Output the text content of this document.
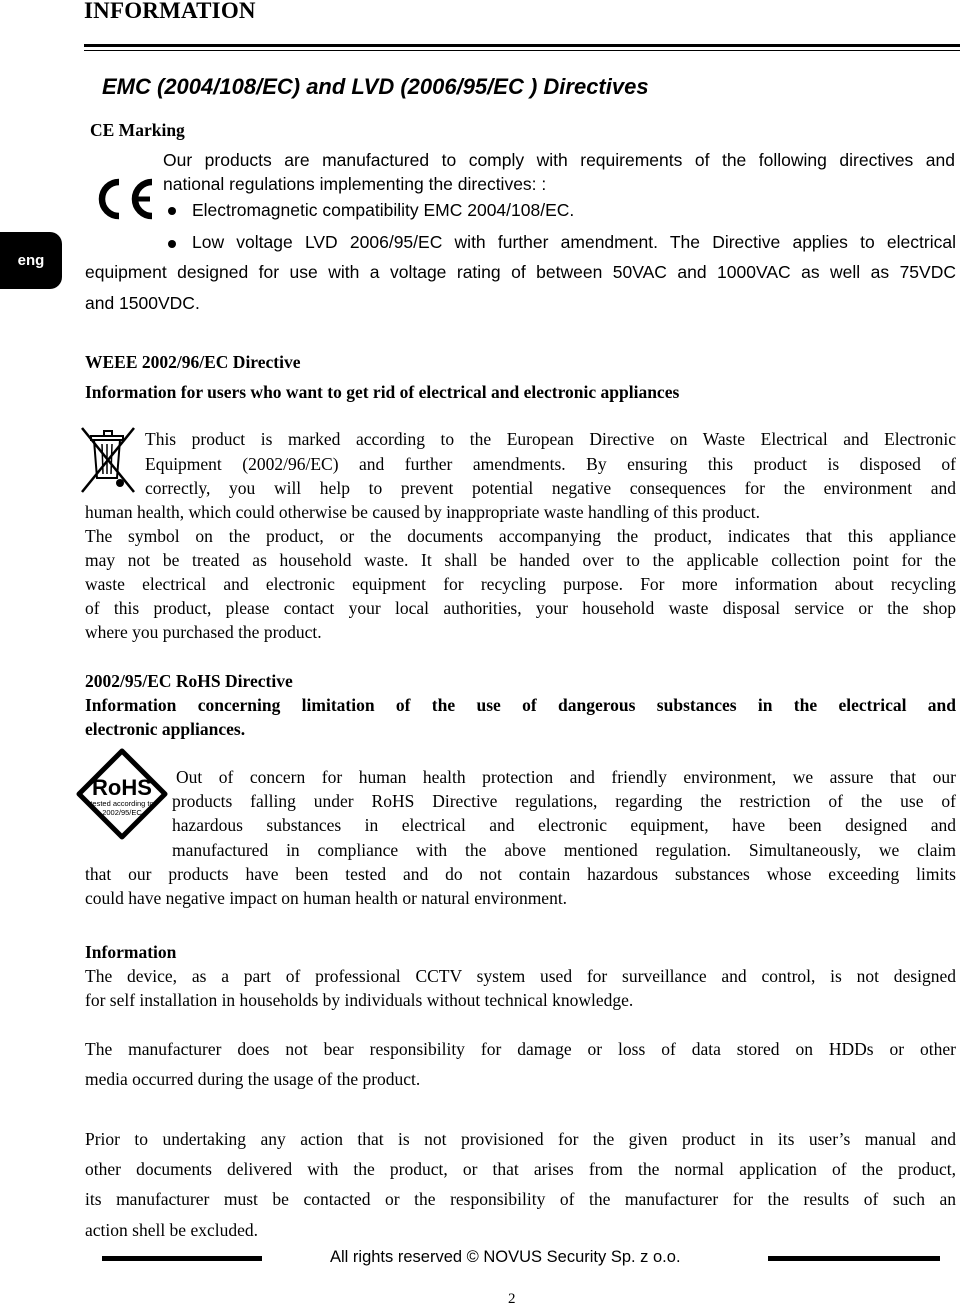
INFORMATION
eng
EMC (2004/108/EC) and LVD (2006/95/EC ) Directives
CE Marking
Our products are manufactured to comply with requirements of the following directives and
national regulations implementing the directives: :
Electromagnetic compatibility EMC 2004/108/EC.
Low voltage LVD 2006/95/EC with further amendment. The Directive applies to electrical
equipment designed for use with a voltage rating of between 50VAC and 1000VAC as well as 75VDC
and 1500VDC.
WEEE 2002/96/EC Directive
Information for users who want to get rid of electrical and electronic appliances
This product is marked according to the European Directive on Waste Electrical and Electronic
Equipment (2002/96/EC) and further amendments. By ensuring this product is disposed of
correctly, you will help to prevent potential negative consequences for the environment and
human health, which could otherwise be caused by inappropriate waste handling of this product.
The symbol on the product, or the documents accompanying the product, indicates that this appliance
may not be treated as household waste. It shall be handed over to the applicable collection point for the
waste electrical and electronic equipment for recycling purpose. For more information about recycling
of this product, please contact your local authorities, your household waste disposal service or the shop
where you purchased the product.
2002/95/EC RoHS Directive
Information concerning limitation of the use of dangerous substances in the electrical and
electronic appliances.
RoHS
tested according to
2002/95/EC
Out of concern for human health protection and friendly environment, we assure that our
products falling under RoHS Directive regulations, regarding the restriction of the use of
hazardous substances in electrical and electronic equipment, have been designed and
manufactured in compliance with the above mentioned regulation. Simultaneously, we claim
that our products have been tested and do not contain hazardous substances whose exceeding limits
could have negative impact on human health or natural environment.
Information
The device, as a part of professional CCTV system used for surveillance and control, is not designed
for self installation in households by individuals without technical knowledge.
The manufacturer does not bear responsibility for damage or loss of data stored on HDDs or other
media occurred during the usage of the product.
Prior to undertaking any action that is not provisioned for the given product in its user’s manual and
other documents delivered with the product, or that arises from the normal application of the product,
its manufacturer must be contacted or the responsibility of the manufacturer for the results of such an
action shell be excluded.
All rights reserved © NOVUS Security Sp. z o.o.
2
